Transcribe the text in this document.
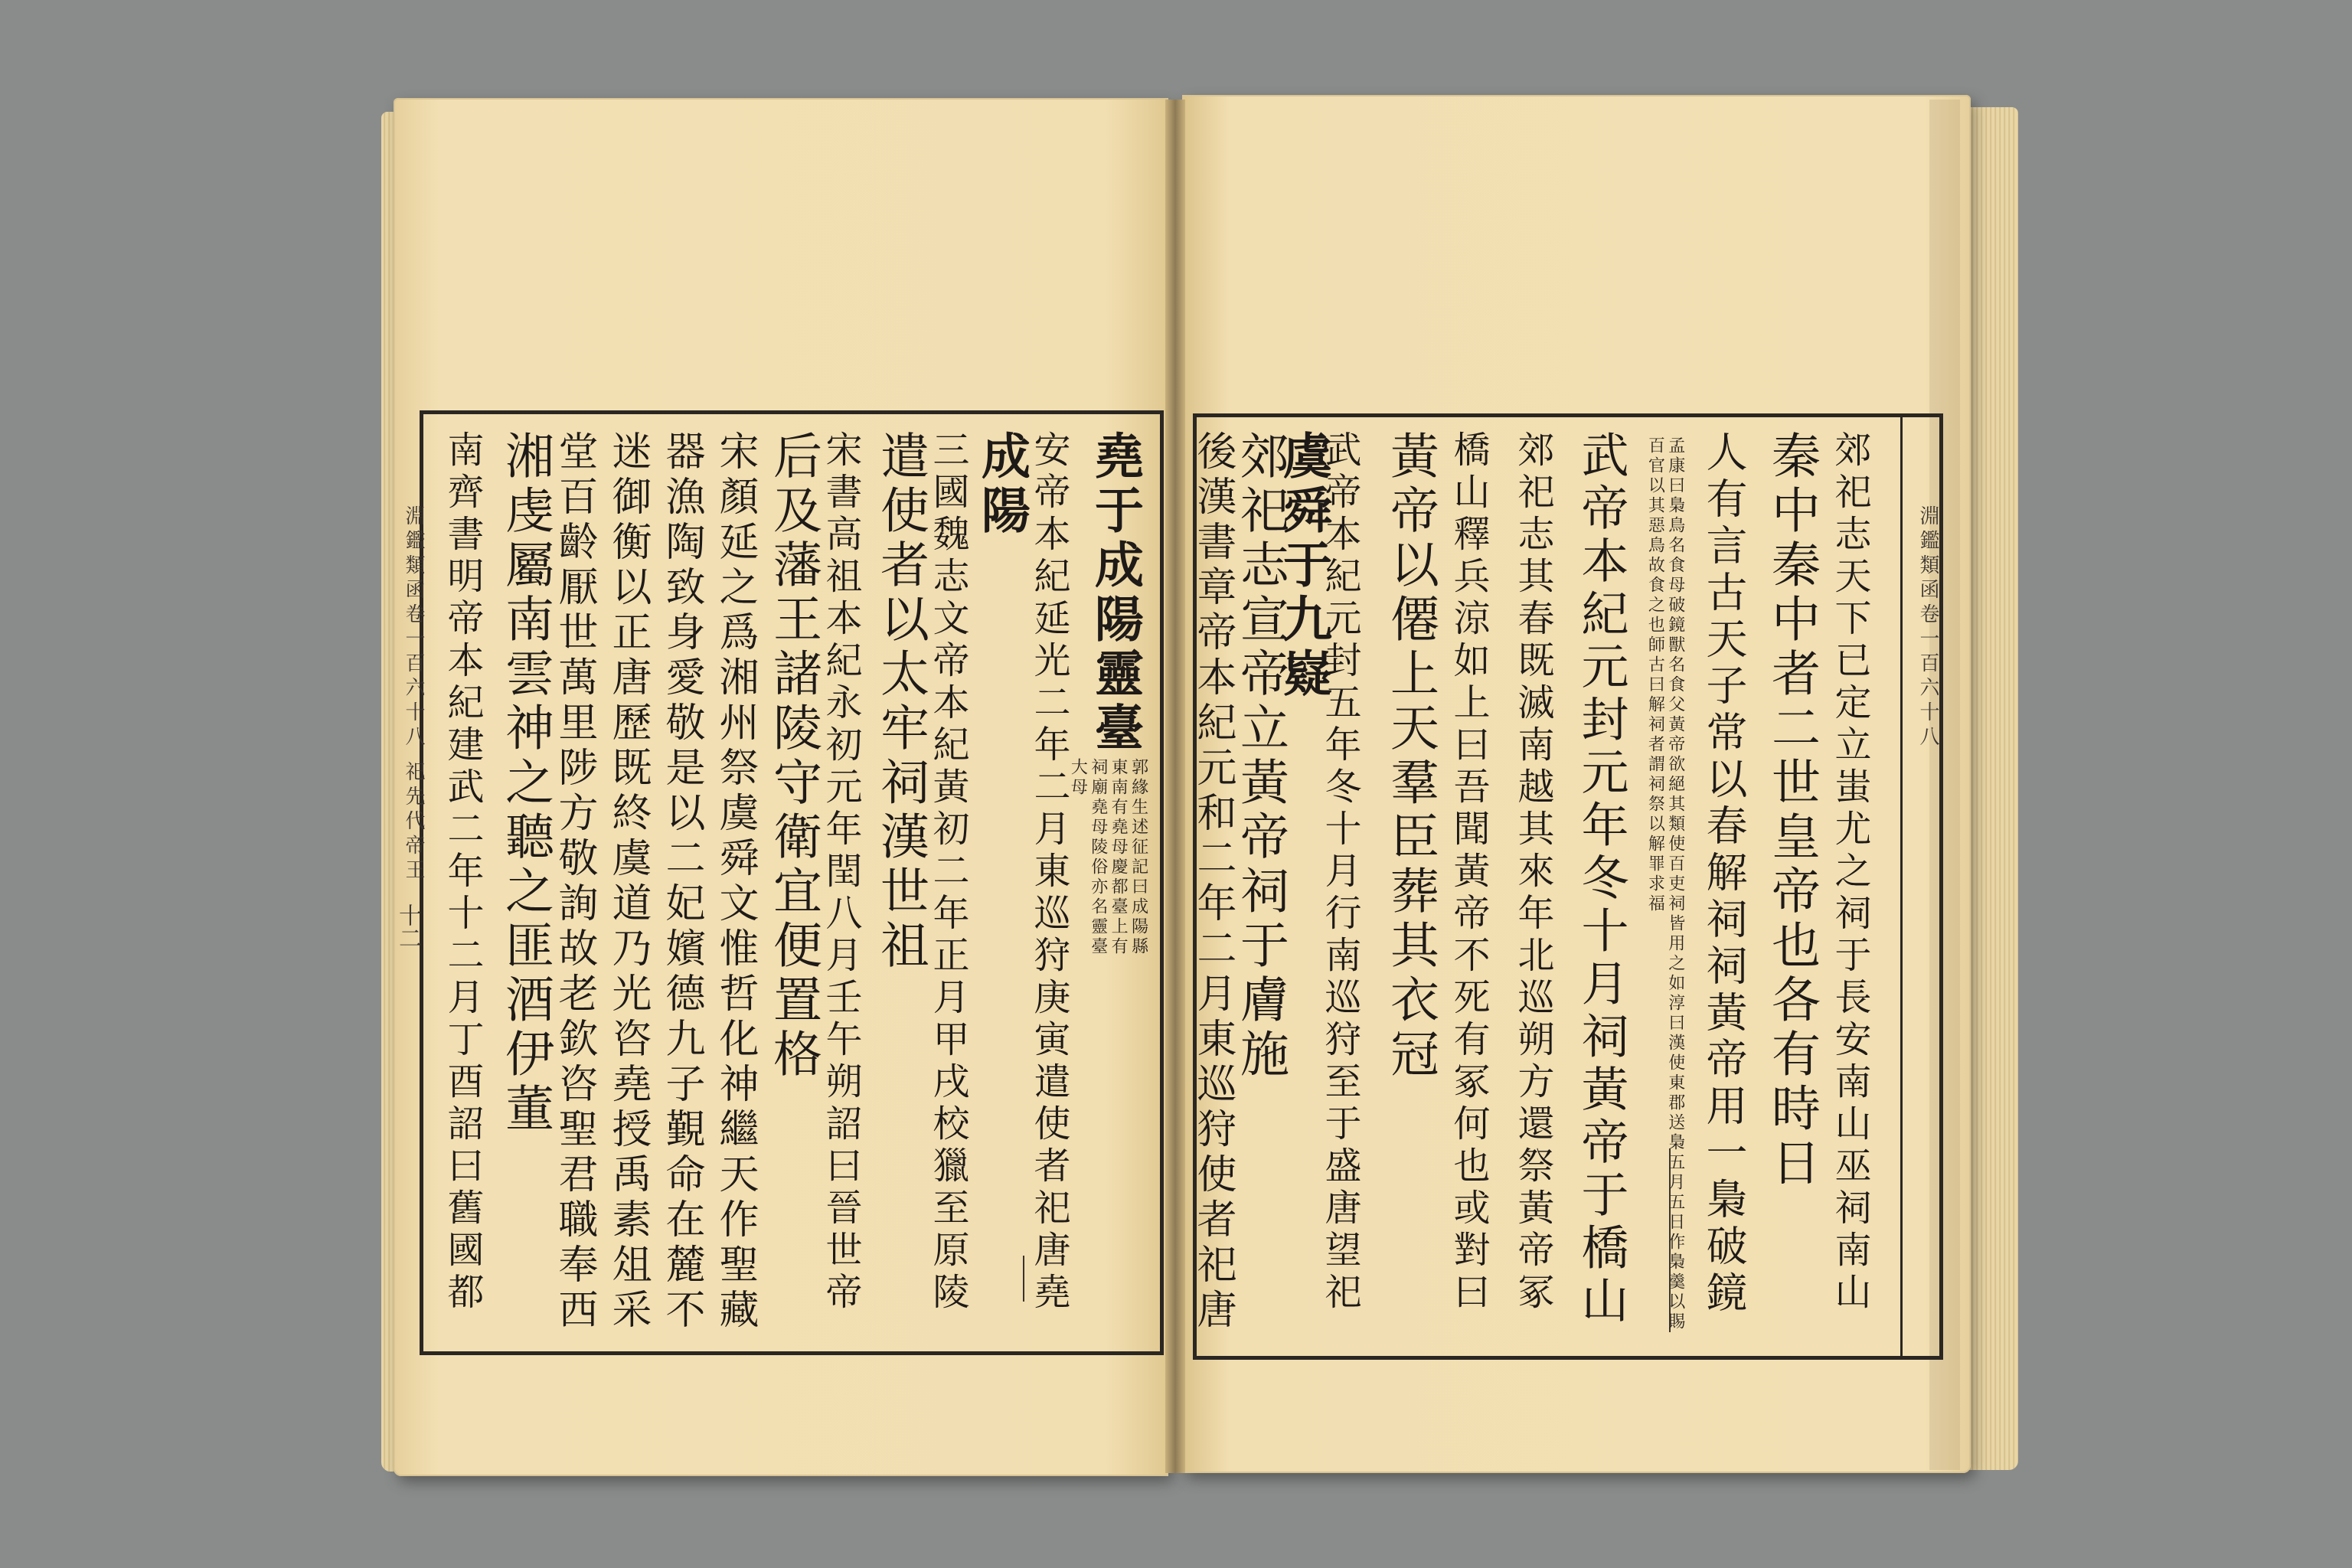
淵鑑類函卷一百六十八 祀先代帝王
十二
淵鑑類函卷一百六十八
郊祀志天下已定立蚩尤之祠于長安南山巫祠南山
秦中秦中者二世皇帝也各有時日
人有言古天子常以春解祠祠黃帝用一梟破鏡
孟康曰梟鳥名食母破鏡獸名食父黃帝欲絕其類使百吏祠皆用之如淳曰漢使東郡送梟五月五日作梟羹以賜百官以其惡鳥故食之也師古曰解祠者謂祠祭以解罪求福
武帝本紀元封元年冬十月祠黃帝于橋山
郊祀志其春既滅南越其來年北巡朔方還祭黃帝冢
橋山釋兵涼如上曰吾聞黃帝不死有冢何也或對曰
黃帝以僊上天羣臣葬其衣冠
武帝本紀元封五年冬十月行南巡狩至于盛唐望祀
虞舜于九嶷
郊祀志宣帝立黃帝祠于膚施
後漢書章帝本紀元和二年二月東巡狩使者祀唐
堯于成陽靈臺
郭緣生述征記曰成陽縣東南有堯母慶都臺上有祠廟堯母陵俗亦名靈臺大母
安帝本紀延光二年二月東巡狩庚寅遣使者祀唐堯
成陽
三國魏志文帝本紀黃初二年正月甲戌校獵至原陵
遣使者以太牢祠漢世祖
宋書高祖本紀永初元年閏八月壬午朔詔曰晉世帝
后及藩王諸陵守衛宜便置格
宋顏延之爲湘州祭虞舜文惟哲化神繼天作聖藏
器漁陶致身愛敬是以二妃嬪德九子覲命在麓不
迷御衡以正唐歷既終虞道乃光咨堯授禹素俎采
堂百齡厭世萬里陟方敬詢故老欽咨聖君職奉西
湘虔屬南雲神之聽之匪酒伊董
南齊書明帝本紀建武二年十二月丁酉詔曰舊國都
